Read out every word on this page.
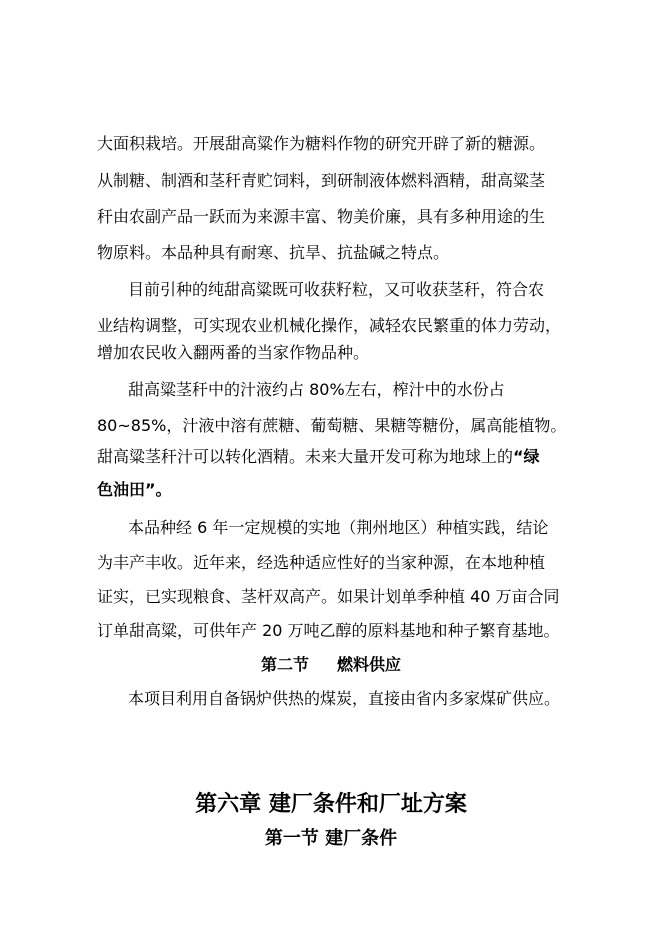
大面积栽培。开展甜高粱作为糖料作物的研究开辟了新的糖源。
从制糖、制酒和茎秆青贮饲料，到研制液体燃料酒精，甜高粱茎
秆由农副产品一跃而为来源丰富、物美价廉，具有多种用途的生
物原料。本品种具有耐寒、抗旱、抗盐碱之特点。
目前引种的纯甜高粱既可收获籽粒，又可收获茎秆，符合农
业结构调整，可实现农业机械化操作，减轻农民繁重的体力劳动，
增加农民收入翻两番的当家作物品种。
甜高粱茎秆中的汁液约占 80%左右，榨汁中的水份占
80~85%，汁液中溶有蔗糖、葡萄糖、果糖等糖份，属高能植物。
甜高粱茎秆汁可以转化酒精。未来大量开发可称为地球上的“绿
色油田”。
本品种经 6 年一定规模的实地（荆州地区）种植实践，结论
为丰产丰收。近年来，经选种适应性好的当家种源，在本地种植
证实，已实现粮食、茎杆双高产。如果计划单季种植 40 万亩合同
订单甜高粱，可供年产 20 万吨乙醇的原料基地和种子繁育基地。
第二节 燃料供应
本项目利用自备锅炉供热的煤炭，直接由省内多家煤矿供应。
第六章 建厂条件和厂址方案
第一节 建厂条件
